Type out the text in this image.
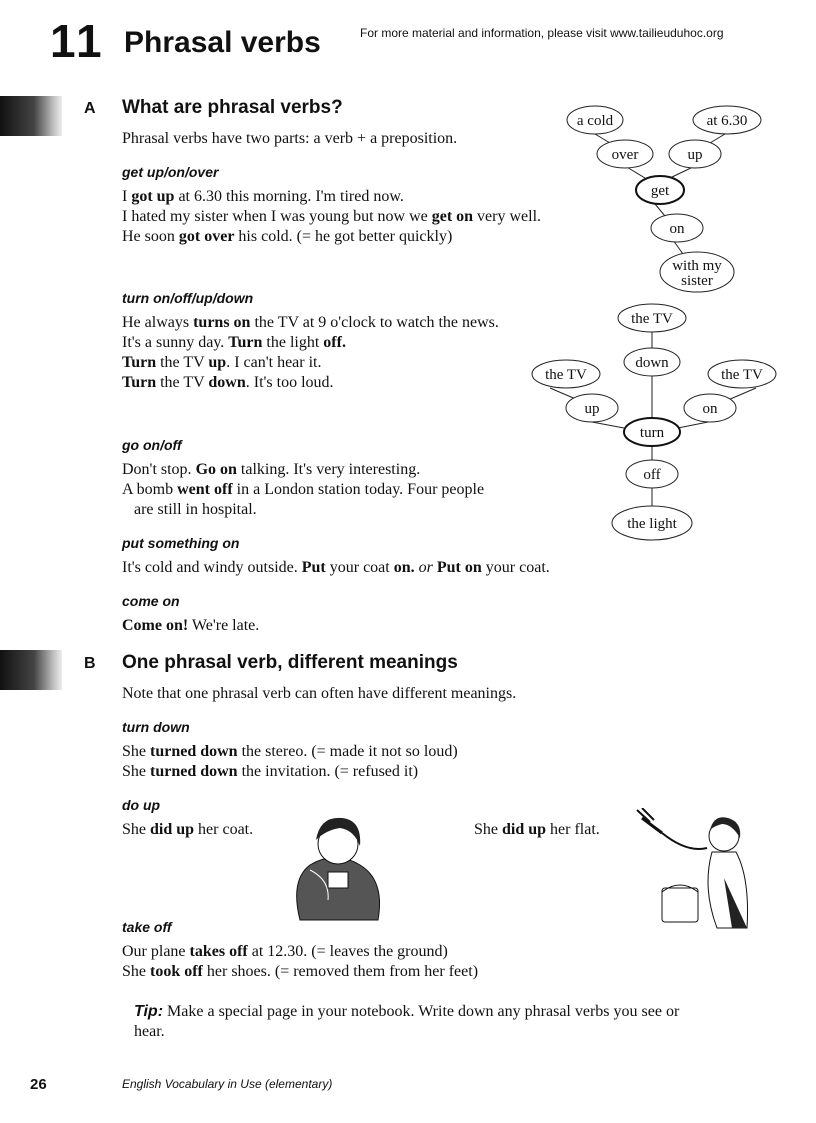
11 Phrasal verbs	For more material and information, please visit www.tailieuduhoc.org
A What are phrasal verbs?
Phrasal verbs have two parts: a verb + a preposition.
get up/on/over
I got up at 6.30 this morning. I'm tired now.
I hated my sister when I was young but now we get on very well.
He soon got over his cold. (= he got better quickly)
turn on/off/up/down
He always turns on the TV at 9 o'clock to watch the news.
It's a sunny day. Turn the light off.
Turn the TV up. I can't hear it.
Turn the TV down. It's too loud.
go on/off
Don't stop. Go on talking. It's very interesting.
A bomb went off in a London station today. Four people
are still in hospital.
put something on
It's cold and windy outside. Put your coat on. or Put on your coat.
come on
Come on! We're late.
a cold	at 6.30
over	up
get
on
with my
sister
the TV
down
the TV	the TV
up	on
turn
off
the light
B One phrasal verb, different meanings
Note that one phrasal verb can often have different meanings.
turn down
She turned down the stereo. (= made it not so loud)
She turned down the invitation. (= refused it)
do up
She did up her coat.	She did up her flat.
take off
Our plane takes off at 12.30. (= leaves the ground)
She took off her shoes. (= removed them from her feet)
Tip: Make a special page in your notebook. Write down any phrasal verbs you see or
hear.
26	English Vocabulary in Use (elementary)
